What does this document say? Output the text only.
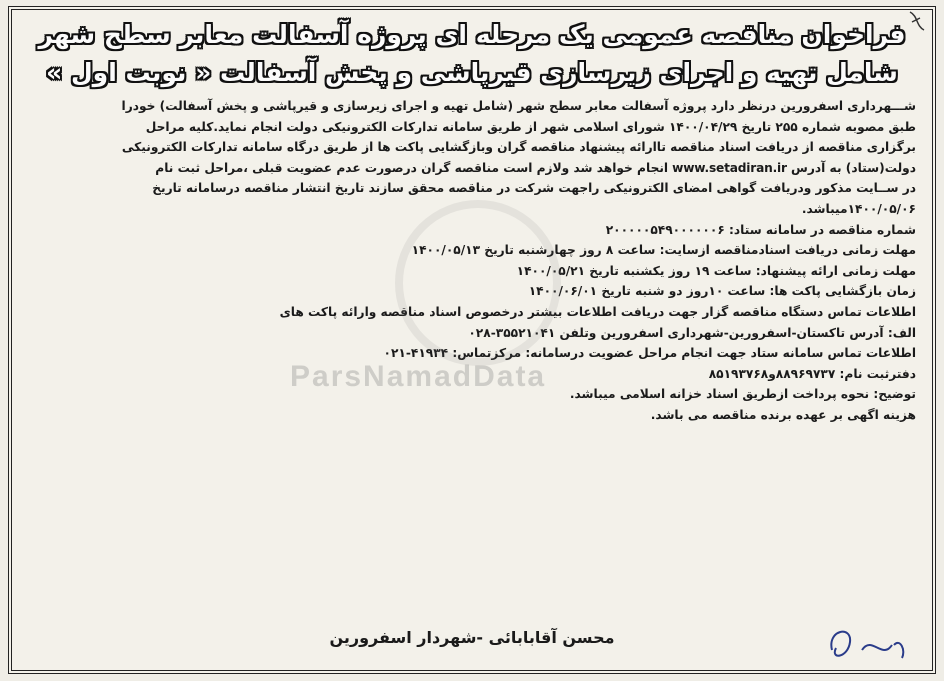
فراخوان مناقصه عمومی یک مرحله ای پروژه آسفالت معابر سطح شهر
شامل تهیه و اجرای زیرسازی قیرپاشی و پخش آسفالت « نوبت اول »
شـــهرداری اسفرورین درنظر دارد پروژه آسفالت معابر سطح شهر (شامل تهیه و اجرای زیرسازی و قیرپاشی و پخش آسفالت) خودرا
طبق مصوبه شماره ۲۵۵ تاریخ ۱۴۰۰/۰۴/۲۹ شورای اسلامی شهر از طریق سامانه تدارکات الکترونیکی دولت انجام نماید.کلیه مراحل
برگزاری مناقصه از دریافت اسناد مناقصه تاارائه پیشنهاد مناقصه گران وبازگشایی پاکت ها از طریق درگاه سامانه تدارکات الکترونیکی
دولت(ستاد) به آدرس www.setadiran.ir انجام خواهد شد ولازم است مناقصه گران درصورت عدم عضویت قبلی ،مراحل ثبت نام
در ســایت مذکور ودریافت گواهی امضای الکترونیکی راجهت شرکت در مناقصه محقق سازند تاریخ انتشار مناقصه درسامانه تاریخ
۱۴۰۰/۰۵/۰۶میباشد.
شماره مناقصه در سامانه ستاد: ۲۰۰۰۰۰۵۴۹۰۰۰۰۰۰۶
مهلت زمانی دریافت اسنادمناقصه ازسایت: ساعت ۸ روز چهارشنبه تاریخ ۱۴۰۰/۰۵/۱۳
مهلت زمانی ارائه پیشنهاد: ساعت ۱۹ روز یکشنبه تاریخ ۱۴۰۰/۰۵/۲۱
زمان بازگشایی پاکت ها: ساعت ۱۰روز دو شنبه تاریخ ۱۴۰۰/۰۶/۰۱
اطلاعات تماس دستگاه مناقصه گزار جهت دریافت اطلاعات بیشتر درخصوص اسناد مناقصه وارائه پاکت های
الف: آدرس تاکستان-اسفرورین-شهرداری اسفرورین وتلفن ۳۵۵۲۱۰۴۱-۰۲۸
اطلاعات تماس سامانه ستاد جهت انجام مراحل عضویت درسامانه: مرکزتماس: ۴۱۹۳۴-۰۲۱
دفترثبت نام: ۸۸۹۶۹۷۳۷و۸۵۱۹۳۷۶۸
توضیح: نحوه پرداخت ازطریق اسناد خزانه اسلامی میباشد.
هزینه اگهی بر عهده برنده مناقصه می باشد.
محسن آقابابائی -شهردار اسفرورین
ParsNamadData
